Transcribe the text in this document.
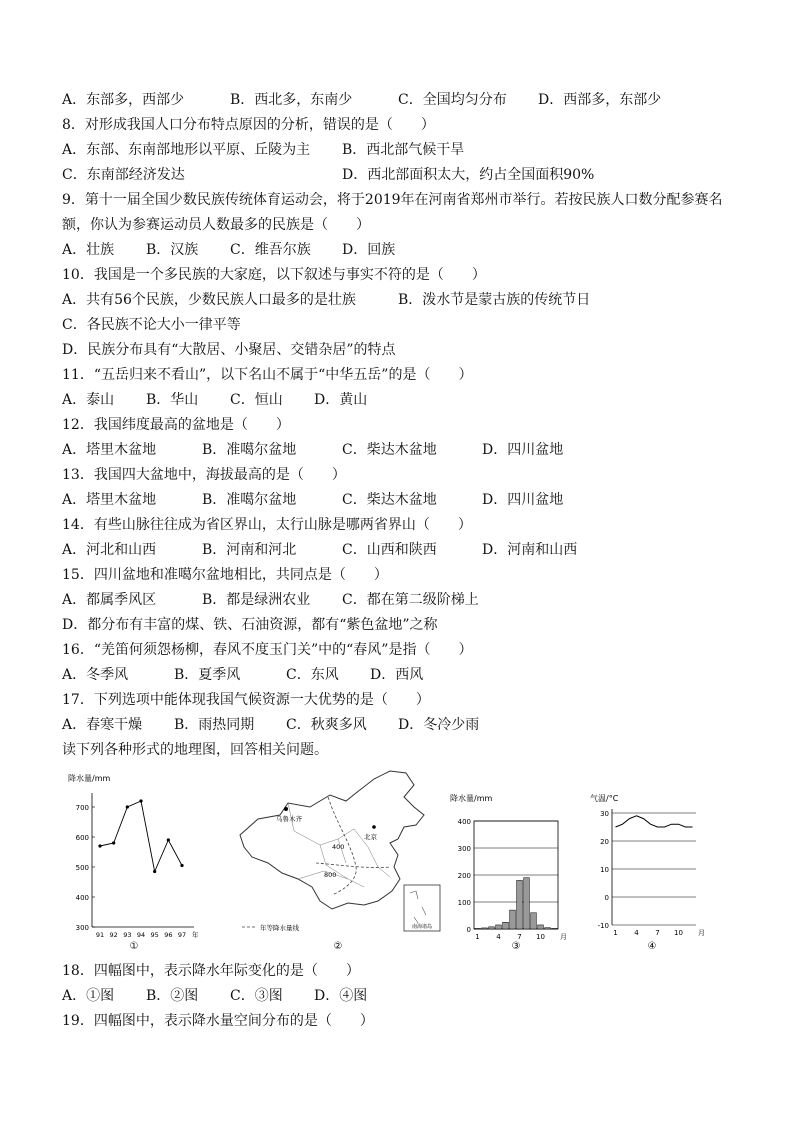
A．东部多，西部少	B．西北多，东南少	C．全国均匀分布 D．西部多，东部少
8．对形成我国人口分布特点原因的分析，错误的是（　　）
A．东部、东南部地形以平原、丘陵为主 B．西北部气候干旱
C．东南部经济发达	D．西北部面积太大，约占全国面积90%
9．第十一届全国少数民族传统体育运动会，将于2019年在河南省郑州市举行。若按民族人口数分配参赛名额，你认为参赛运动员人数最多的民族是（　　）
A．壮族 B．汉族 C．维吾尔族 D．回族
10．我国是一个多民族的大家庭，以下叙述与事实不符的是（　　）
A．共有56个民族，少数民族人口最多的是壮族	B．泼水节是蒙古族的传统节日
C．各民族不论大小一律平等
D．民族分布具有“大散居、小聚居、交错杂居”的特点
11．“五岳归来不看山”，以下名山不属于“中华五岳”的是（　　）
A．泰山 B．华山 C．恒山 D．黄山
12．我国纬度最高的盆地是（　　）
A．塔里木盆地	B．准噶尔盆地	C．柴达木盆地	D．四川盆地
13．我国四大盆地中，海拔最高的是（　　）
A．塔里木盆地	B．准噶尔盆地	C．柴达木盆地	D．四川盆地
14．有些山脉往往成为省区界山，太行山脉是哪两省界山（　　）
A．河北和山西	B．河南和河北	C．山西和陕西	D．河南和山西
15．四川盆地和准噶尔盆地相比，共同点是（　　）
A．都属季风区	B．都是绿洲农业 C．都在第二级阶梯上
D．都分布有丰富的煤、铁、石油资源，都有“紫色盆地”之称
16．“羌笛何须怨杨柳，春风不度玉门关”中的“春风”是指（　　）
A．冬季风	B．夏季风	C．东风 D．西风
17．下列选项中能体现我国气候资源一大优势的是（　　）
A．春寒干燥 B．雨热同期 C．秋爽多风 D．冬冷少雨
读下列各种形式的地理图，回答相关问题。
降水量/mm
700
600
500
400
300
91 92 93 94 95 96 97 年
①
乌鲁木齐
北京
400
800
年等降水量线	南海诸岛
②
降水量/mm
400
300
200
100
0
1 4 7 10 月
③
气温/°C
30
20
10
0
-10
1 4 7 10 月
④
18．四幅图中，表示降水年际变化的是（　　）
A．①图 B．②图 C．③图 D．④图
19．四幅图中，表示降水量空间分布的是（　　）
